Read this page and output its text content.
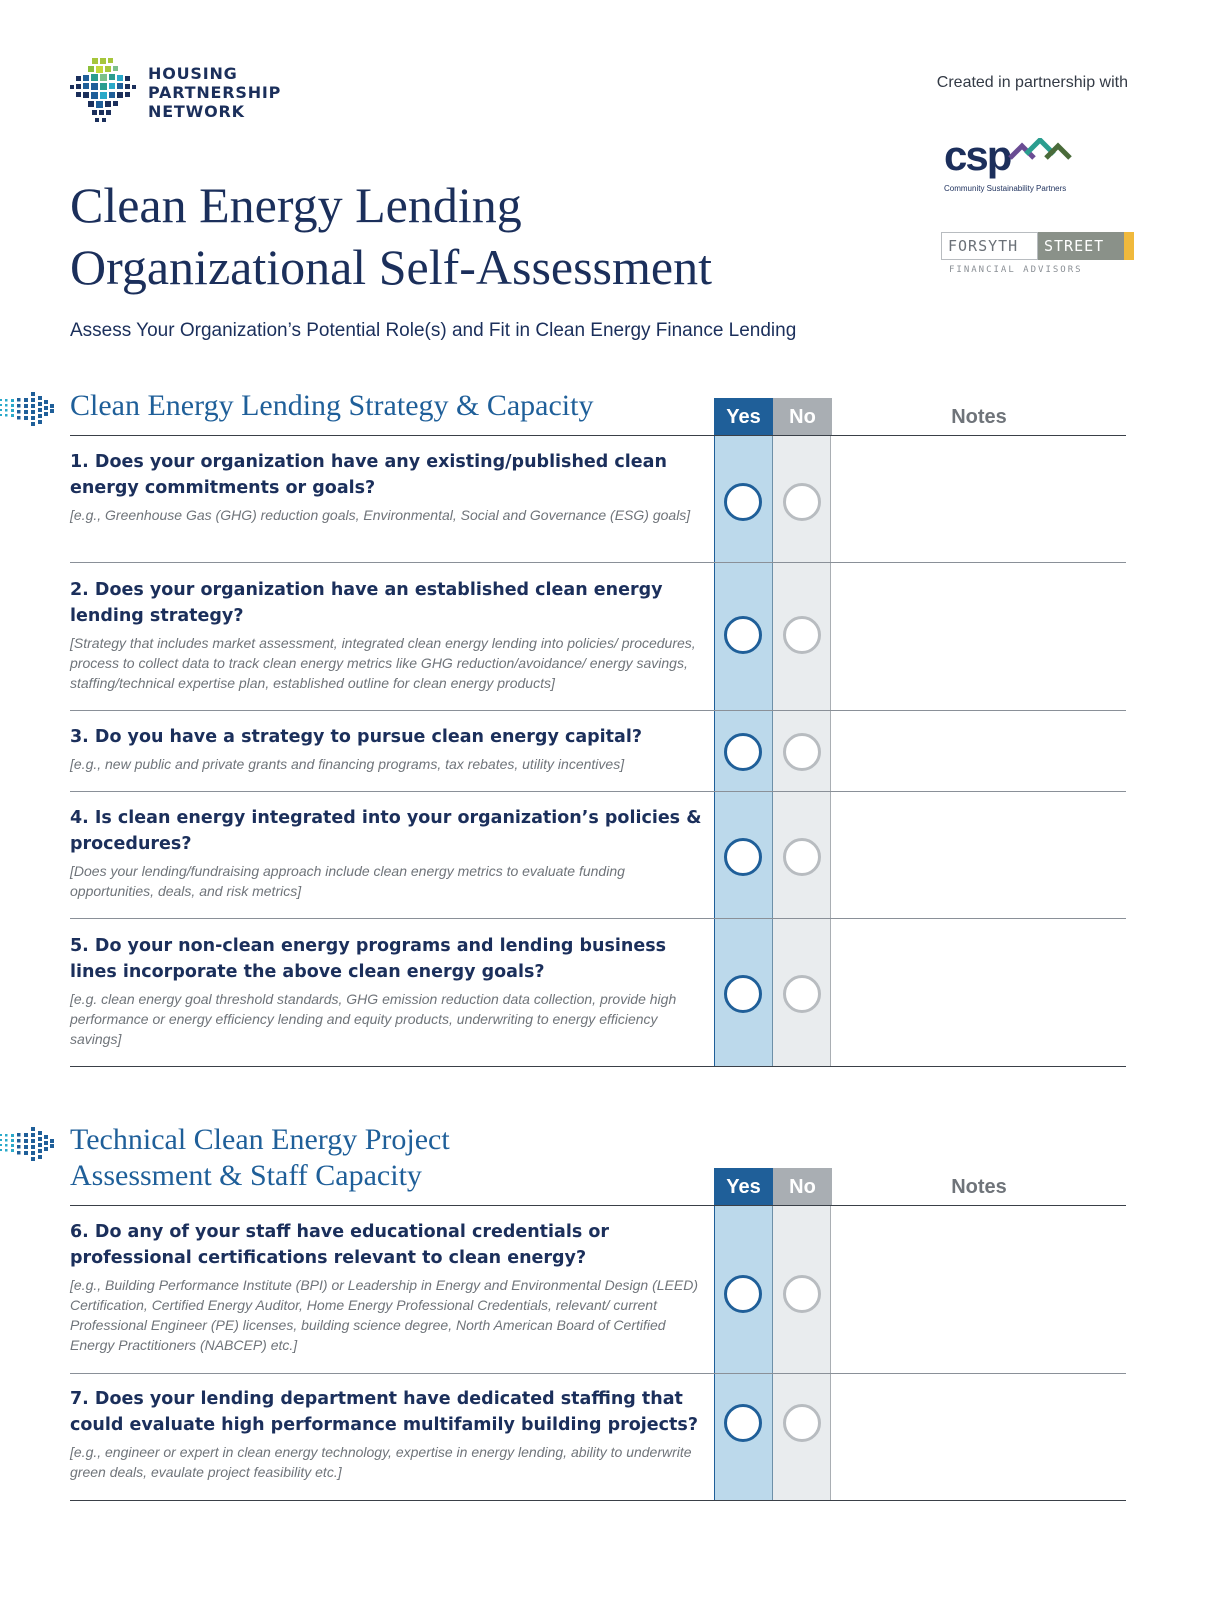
HOUSING
PARTNERSHIP
NETWORK
Created in partnership with
csp
Community Sustainability Partners
FORSYTH	STREET
FINANCIAL ADVISORS
Clean Energy Lending
Organizational Self-Assessment
Assess Your Organization’s Potential Role(s) and Fit in Clean Energy Finance Lending
Clean Energy Lending Strategy & Capacity	Yes	No	Notes
1. Does your organization have any existing/published clean energy commitments or goals?
[e.g., Greenhouse Gas (GHG) reduction goals, Environmental, Social and Governance (ESG) goals]
2. Does your organization have an established clean energy lending strategy?
[Strategy that includes market assessment, integrated clean energy lending into policies/ procedures, process to collect data to track clean energy metrics like GHG reduction/avoidance/ energy savings, staffing/technical expertise plan, established outline for clean energy products]
3. Do you have a strategy to pursue clean energy capital?
[e.g., new public and private grants and financing programs, tax rebates, utility incentives]
4. Is clean energy integrated into your organization’s policies & procedures?
[Does your lending/fundraising approach include clean energy metrics to evaluate funding opportunities, deals, and risk metrics]
5. Do your non-clean energy programs and lending business lines incorporate the above clean energy goals?
[e.g. clean energy goal threshold standards, GHG emission reduction data collection, provide high performance or energy efficiency lending and equity products, underwriting to energy efficiency savings]
Technical Clean Energy Project
Assessment & Staff Capacity	Yes	No	Notes
6. Do any of your staff have educational credentials or professional certifications relevant to clean energy?
[e.g., Building Performance Institute (BPI) or Leadership in Energy and Environmental Design (LEED) Certification, Certified Energy Auditor, Home Energy Professional Credentials, relevant/ current Professional Engineer (PE) licenses, building science degree, North American Board of Certified Energy Practitioners (NABCEP) etc.]
7. Does your lending department have dedicated staffing that could evaluate high performance multifamily building projects?
[e.g., engineer or expert in clean energy technology, expertise in energy lending, ability to underwrite green deals, evaulate project feasibility etc.]
